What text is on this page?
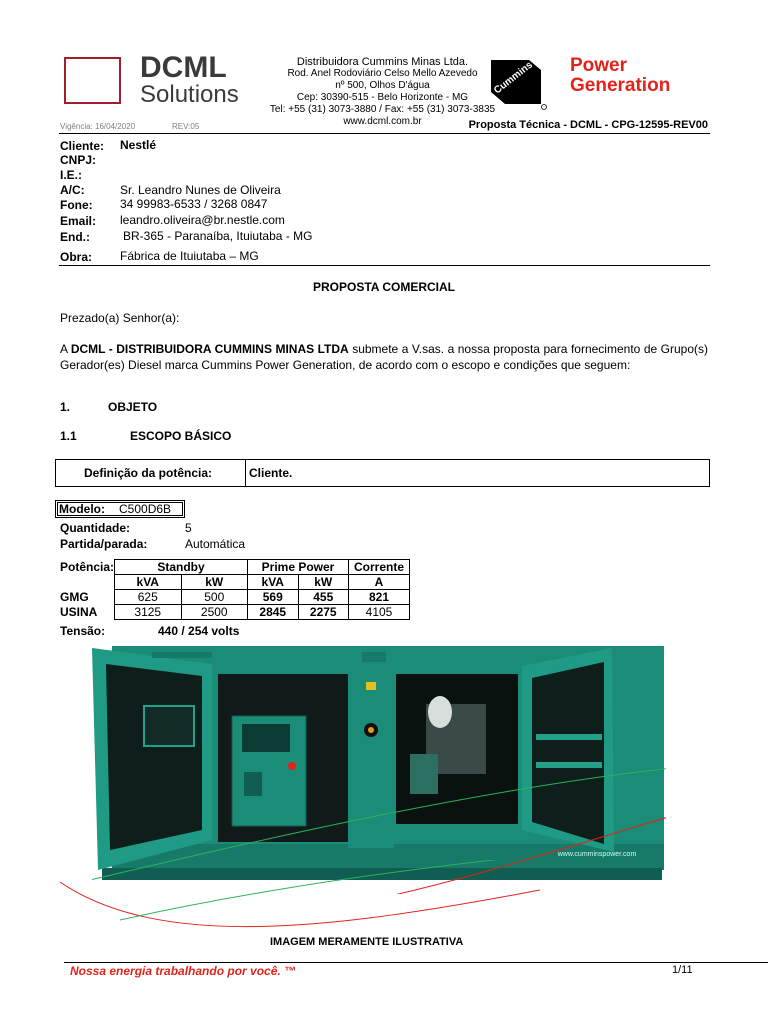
DCML
Solutions
Distribuidora Cummins Minas Ltda.
Rod. Anel Rodoviário Celso Mello Azevedo
nº 500, Olhos D'água
Cep: 30390-515 - Belo Horizonte - MG
Tel: +55 (31) 3073-3880 / Fax: +55 (31) 3073-3835
www.dcml.com.br
Cummins Power
Generation
Vigência: 16/04/2020	REV:05	Proposta Técnica - DCML - CPG-12595-REV00
Cliente: Nestlé
CNPJ:
I.E.:
A/C:	Sr. Leandro Nunes de Oliveira
Fone: 34 99983-6533 / 3268 0847
Email: leandro.oliveira@br.nestle.com
End.:	BR-365 - Paranaíba, Ituiutaba - MG
Obra: Fábrica de Ituiutaba – MG
PROPOSTA COMERCIAL
Prezado(a) Senhor(a):
A DCML - DISTRIBUIDORA CUMMINS MINAS LTDA submete a V.sas. a nossa proposta para fornecimento de Grupo(s) Gerador(es) Diesel marca Cummins Power Generation, de acordo com o escopo e condições que seguem:
1.	OBJETO
1.1	ESCOPO BÁSICO
Definição da potência:	Cliente.
Modelo: C500D6B
Quantidade:	5
Partida/parada:	Automática
Potência:
		Standby		Prime Power		Corrente
	kVA	kW	kVA	kW	A
GMG	625	500	569	455	821
USINA	3125	2500	2845	2275	4105
Tensão:	440 / 254 volts
www.cumminspower.com
IMAGEM MERAMENTE ILUSTRATIVA
Nossa energia trabalhando por você. ™	1/11
